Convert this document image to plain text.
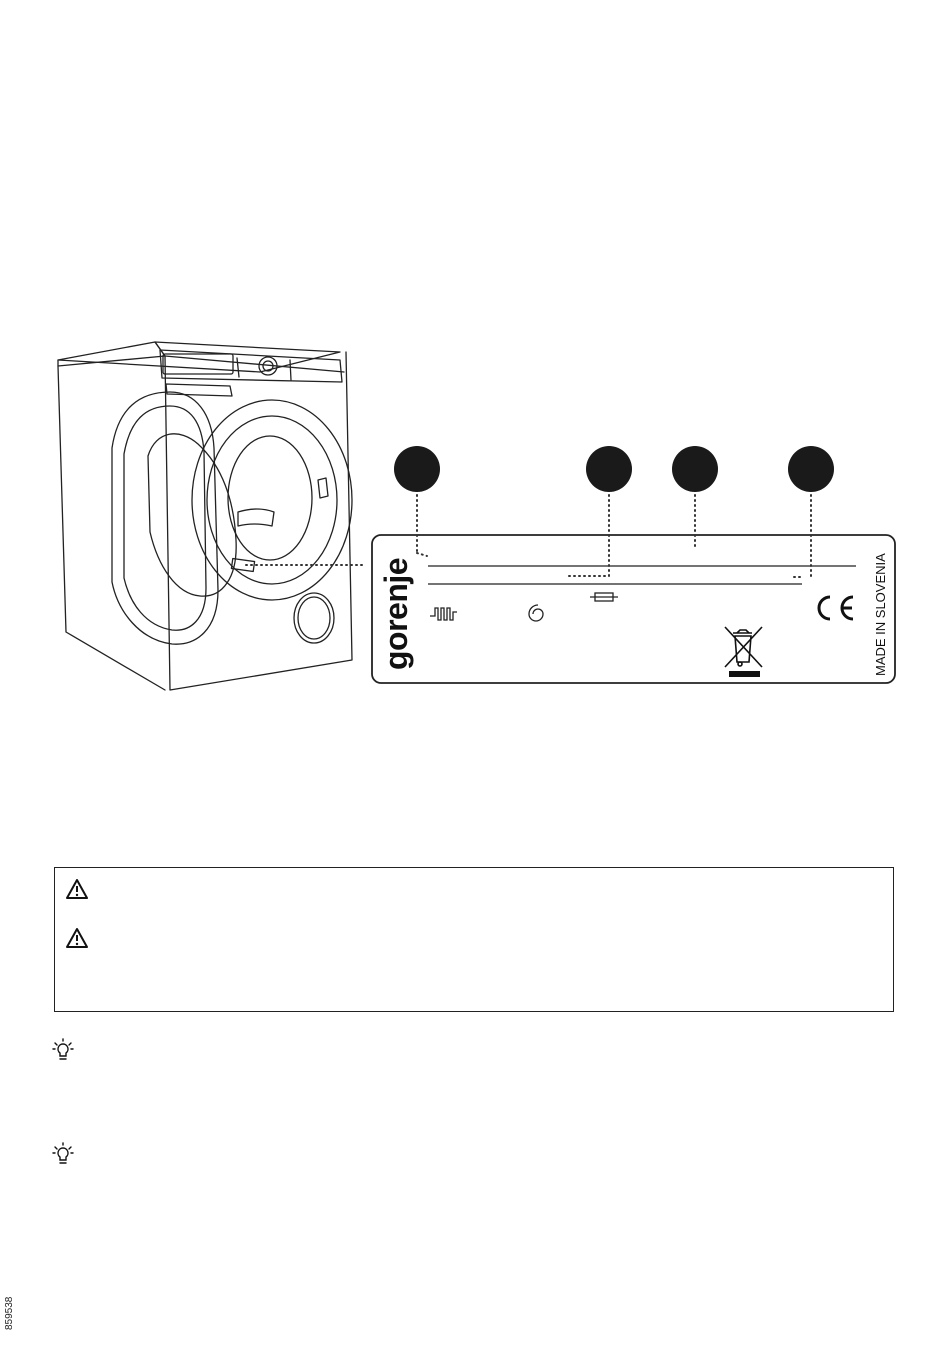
gorenje	MADE IN SLOVENIA
859538
